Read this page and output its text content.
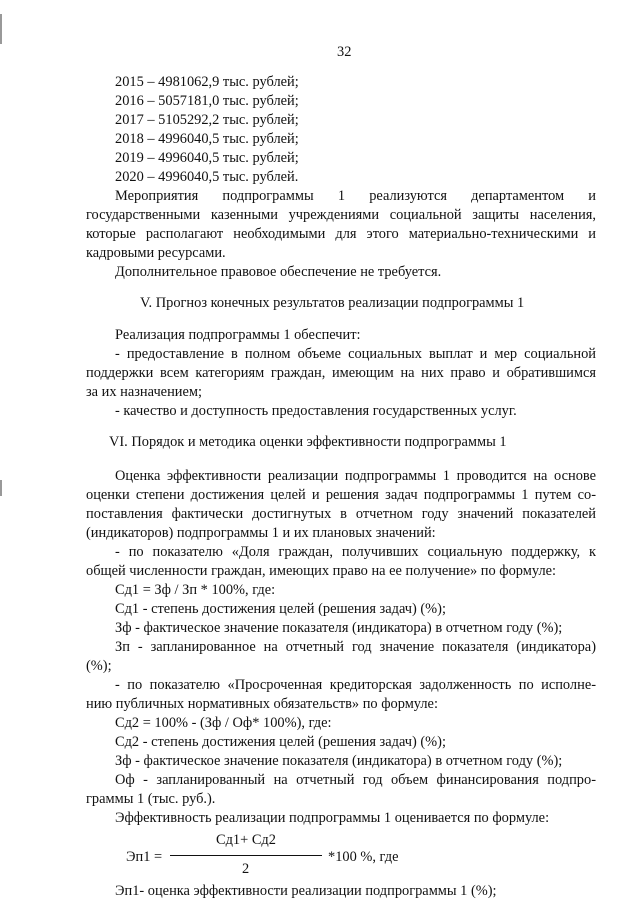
32
2015 – 4981062,9 тыс. рублей;
2016 – 5057181,0 тыс. рублей;
2017 – 5105292,2 тыс. рублей;
2018 – 4996040,5 тыс. рублей;
2019 – 4996040,5 тыс. рублей;
2020 – 4996040,5 тыс. рублей.
Мероприятия подпрограммы 1 реализуются департаментом и
государственными казенными учреждениями социальной защиты населения,
которые располагают необходимыми для этого материально-техническими и
кадровыми ресурсами.
Дополнительное правовое обеспечение не требуется.
V. Прогноз конечных результатов реализации подпрограммы 1
Реализация подпрограммы 1 обеспечит:
- предоставление в полном объеме социальных выплат и мер социальной
поддержки всем категориям граждан, имеющим на них право и обратившимся
за их назначением;
- качество и доступность предоставления государственных услуг.
VI. Порядок и методика оценки эффективности подпрограммы 1
Оценка эффективности реализации подпрограммы 1 проводится на основе
оценки степени достижения целей и решения задач подпрограммы 1 путем со-
поставления фактически достигнутых в отчетном году значений показателей
(индикаторов) подпрограммы 1 и их плановых значений:
- по показателю «Доля граждан, получивших социальную поддержку, к
общей численности граждан, имеющих право на ее получение» по формуле:
Сд1 = Зф / Зп * 100%, где:
Сд1 - степень достижения целей (решения задач) (%);
Зф - фактическое значение показателя (индикатора) в отчетном году (%);
Зп - запланированное на отчетный год значение показателя (индикатора)
(%);
- по показателю «Просроченная кредиторская задолженность по исполне-
нию публичных нормативных обязательств» по формуле:
Сд2 = 100% - (Зф / Оф* 100%), где:
Сд2 - степень достижения целей (решения задач) (%);
Зф - фактическое значение показателя (индикатора) в отчетном году (%);
Оф - запланированный на отчетный год объем финансирования подпро-
граммы 1 (тыс. руб.).
Эффективность реализации подпрограммы 1 оценивается по формуле:
Эп1 =
Сд1+ Сд2
2
*100 %, где
Эп1- оценка эффективности реализации подпрограммы 1 (%);
